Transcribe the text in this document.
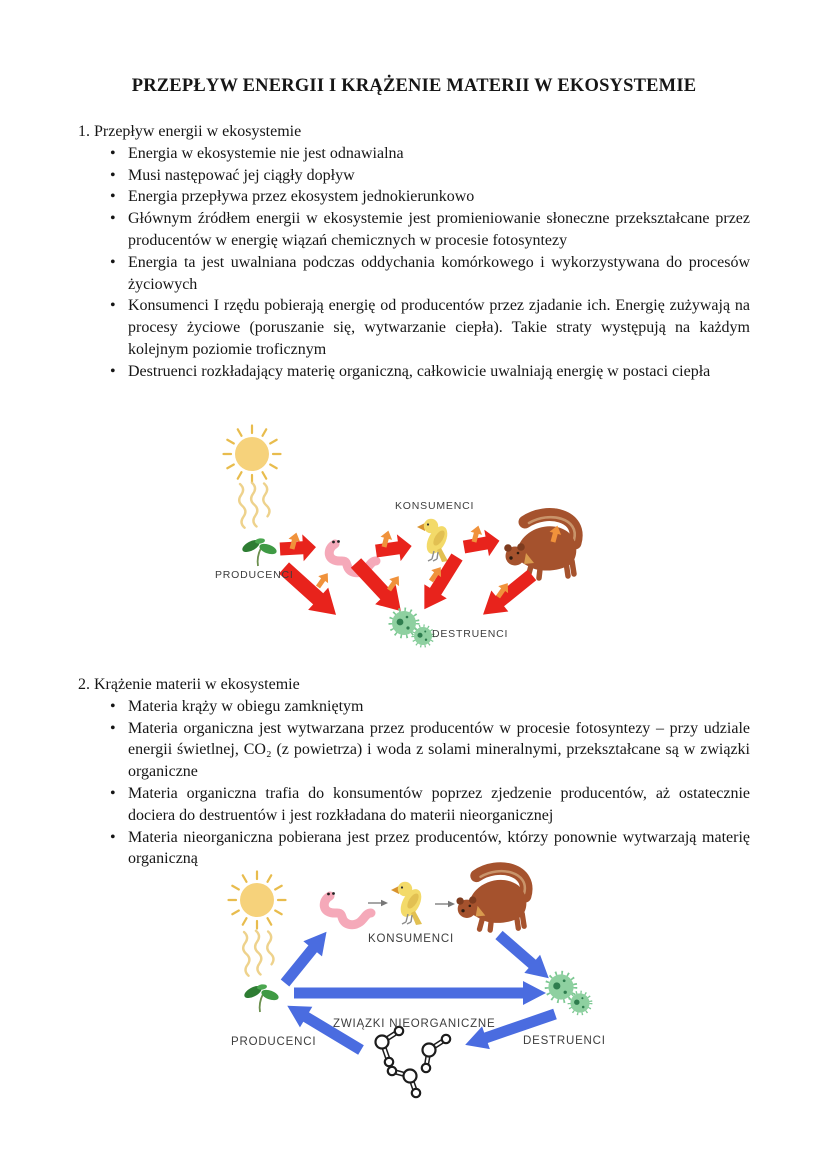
PRZEPŁYW ENERGII I KRĄŻENIE MATERII W EKOSYSTEMIE
1. Przepływ energii w ekosystemie
• Energia w ekosystemie nie jest odnawialna
• Musi następować jej ciągły dopływ
• Energia przepływa przez ekosystem jednokierunkowo
• Głównym źródłem energii w ekosystemie jest promieniowanie słoneczne przekształcane przez producentów w energię wiązań chemicznych w procesie fotosyntezy
• Energia ta jest uwalniana podczas oddychania komórkowego i wykorzystywana do procesów życiowych
• Konsumenci I rzędu pobierają energię od producentów przez zjadanie ich. Energię zużywają na procesy życiowe (poruszanie się, wytwarzanie ciepła). Takie straty występują na każdym kolejnym poziomie troficznym
• Destruenci rozkładający materię organiczną, całkowicie uwalniają energię w postaci ciepła
KONSUMENCI
PRODUCENCI
DESTRUENCI
2. Krążenie materii w ekosystemie
• Materia krąży w obiegu zamkniętym
• Materia organiczna jest wytwarzana przez producentów w procesie fotosyntezy – przy udziale energii świetlnej, CO₂ (z powietrza) i woda z solami mineralnymi, przekształcane są w związki organiczne
• Materia organiczna trafia do konsumentów poprzez zjedzenie producentów, aż ostatecznie dociera do destruentów i jest rozkładana do materii nieorganicznej
• Materia nieorganiczna pobierana jest przez producentów, którzy ponownie wytwarzają materię organiczną
KONSUMENCI
PRODUCENCI
ZWIĄZKI NIEORGANICZNE
DESTRUENCI
